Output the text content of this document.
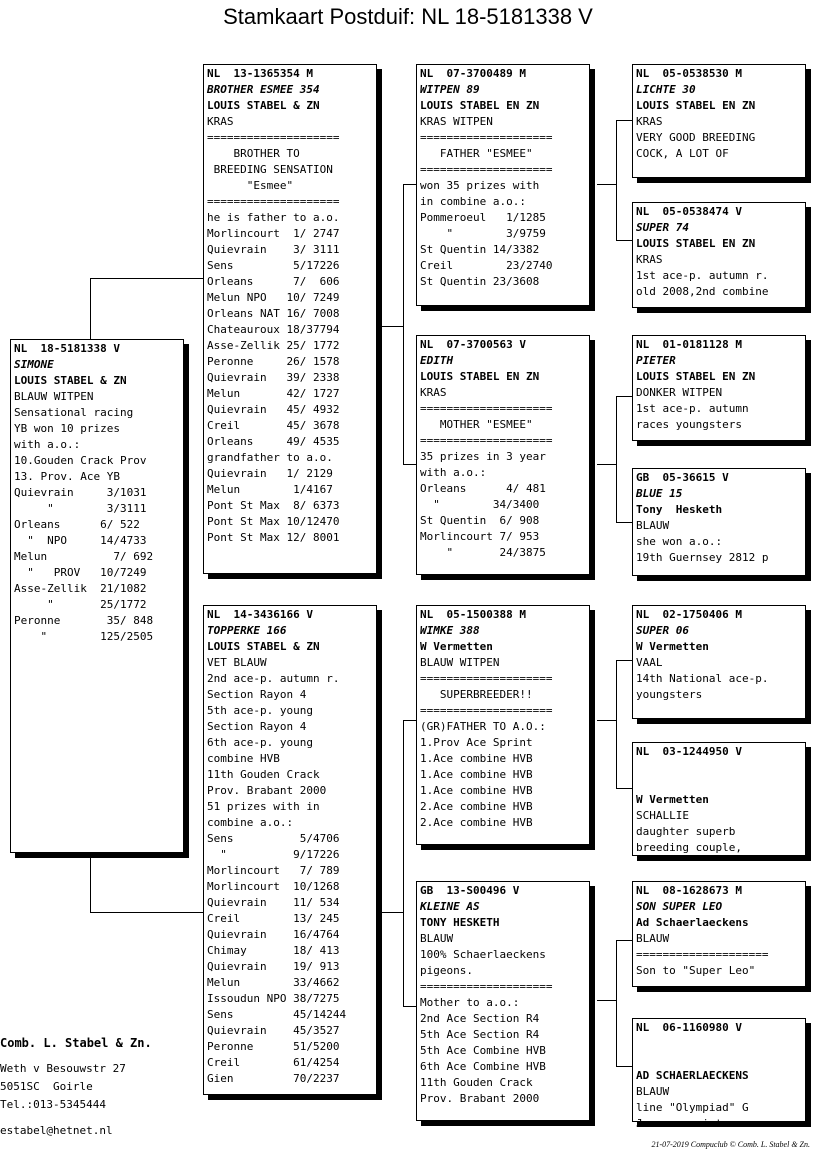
Stamkaart Postduif: NL 18-5181338 V
NL  18-5181338 V
SIMONE
LOUIS STABEL & ZN
BLAUW WITPEN
Sensational racing
YB won 10 prizes
with a.o.:
10.Gouden Crack Prov
13. Prov. Ace YB
Quievrain     3/1031
"        3/3111
Orleans      6/ 522
"  NPO     14/4733
Melun          7/ 692
"   PROV   10/7249
Asse-Zellik  21/1082
"       25/1772
Peronne       35/ 848
"        125/2505
NL  13-1365354 M
BROTHER ESMEE 354
LOUIS STABEL & ZN
KRAS
====================
BROTHER TO
BREEDING SENSATION
"Esmee"
====================
he is father to a.o.
Morlincourt  1/ 2747
Quievrain    3/ 3111
Sens         5/17226
Orleans      7/  606
Melun NPO   10/ 7249
Orleans NAT 16/ 7008
Chateauroux 18/37794
Asse-Zellik 25/ 1772
Peronne     26/ 1578
Quievrain   39/ 2338
Melun       42/ 1727
Quievrain   45/ 4932
Creil       45/ 3678
Orleans     49/ 4535
grandfather to a.o.
Quievrain   1/ 2129
Melun        1/4167
Pont St Max  8/ 6373
Pont St Max 10/12470
Pont St Max 12/ 8001
NL  14-3436166 V
TOPPERKE 166
LOUIS STABEL & ZN
VET BLAUW
2nd ace-p. autumn r.
Section Rayon 4
5th ace-p. young
Section Rayon 4
6th ace-p. young
combine HVB
11th Gouden Crack
Prov. Brabant 2000
51 prizes with in
combine a.o.:
Sens          5/4706
"          9/17226
Morlincourt   7/ 789
Morlincourt  10/1268
Quievrain    11/ 534
Creil        13/ 245
Quievrain    16/4764
Chimay       18/ 413
Quievrain    19/ 913
Melun        33/4662
Issoudun NPO 38/7275
Sens         45/14244
Quievrain    45/3527
Peronne      51/5200
Creil        61/4254
Gien         70/2237
NL  07-3700489 M
WITPEN 89
LOUIS STABEL EN ZN
KRAS WITPEN
====================
FATHER "ESMEE"
====================
won 35 prizes with
in combine a.o.:
Pommeroeul   1/1285
"        3/9759
St Quentin 14/3382
Creil        23/2740
St Quentin 23/3608
NL  07-3700563 V
EDITH
LOUIS STABEL EN ZN
KRAS
====================
MOTHER "ESMEE"
====================
35 prizes in 3 year
with a.o.:
Orleans      4/ 481
"        34/3400
St Quentin  6/ 908
Morlincourt 7/ 953
"       24/3875
NL  05-1500388 M
WIMKE 388
W Vermetten
BLAUW WITPEN
====================
SUPERBREEDER!!
====================
(GR)FATHER TO A.O.:
1.Prov Ace Sprint
1.Ace combine HVB
1.Ace combine HVB
1.Ace combine HVB
2.Ace combine HVB
2.Ace combine HVB
GB  13-S00496 V
KLEINE AS
TONY HESKETH
BLAUW
100% Schaerlaeckens
pigeons.
====================
Mother to a.o.:
2nd Ace Section R4
5th Ace Section R4
5th Ace Combine HVB
6th Ace Combine HVB
11th Gouden Crack
Prov. Brabant 2000
NL  05-0538530 M
LICHTE 30
LOUIS STABEL EN ZN
KRAS
VERY GOOD BREEDING
COCK, A LOT OF
NL  05-0538474 V
SUPER 74
LOUIS STABEL EN ZN
KRAS
1st ace-p. autumn r.
old 2008,2nd combine
NL  01-0181128 M
PIETER
LOUIS STABEL EN ZN
DONKER WITPEN
1st ace-p. autumn
races youngsters
GB  05-36615 V
BLUE 15
Tony  Hesketh
BLAUW
she won a.o.:
19th Guernsey 2812 p
NL  02-1750406 M
SUPER 06
W Vermetten
VAAL
14th National ace-p.
youngsters
NL  03-1244950 V
W Vermetten
SCHALLIE
daughter superb
breeding couple,
NL  08-1628673 M
SON SUPER LEO
Ad Schaerlaeckens
BLAUW
====================
Son to "Super Leo"
NL  06-1160980 V
AD SCHAERLAECKENS
BLAUW
line "Olympiad" G
Jansen x sister
Comb. L. Stabel & Zn.
Weth v Besouwstr 27
5051SC  Goirle
Tel.:013-5345444
estabel@hetnet.nl
21-07-2019 Compuclub © Comb. L. Stabel & Zn.
